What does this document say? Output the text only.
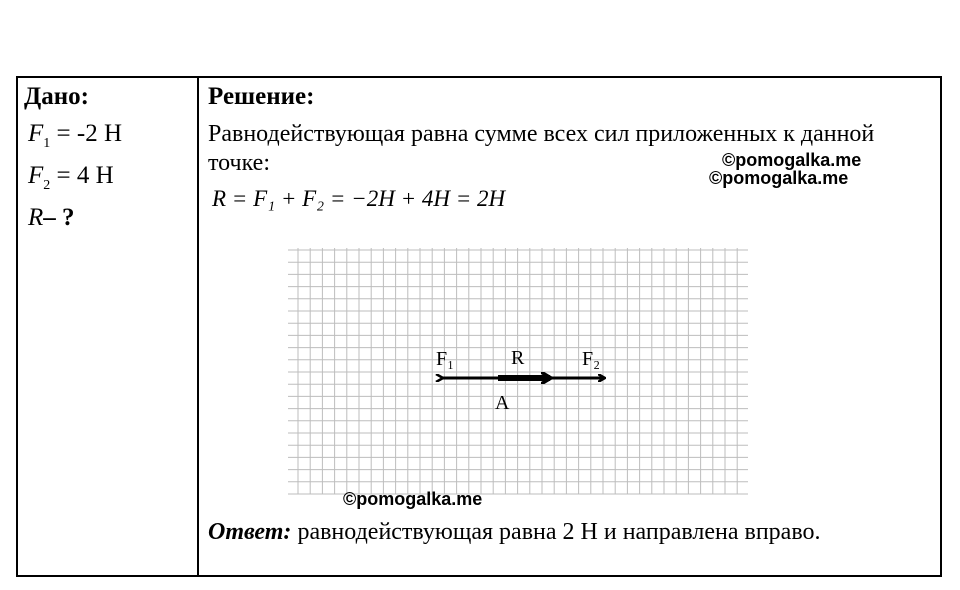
Дано:
$F_1 = -2$ Н
$F_2 = 4$ Н
R– ?
Решение:
Равнодействующая равна сумме всех сил приложенных к данной точке:
R = F₁ + F₂ = −2H + 4H = 2H
©pomogalka.me
©pomogalka.me
F₁	R	F₂
A
©pomogalka.me
Ответ: равнодействующая равна 2 Н и направлена вправо.
